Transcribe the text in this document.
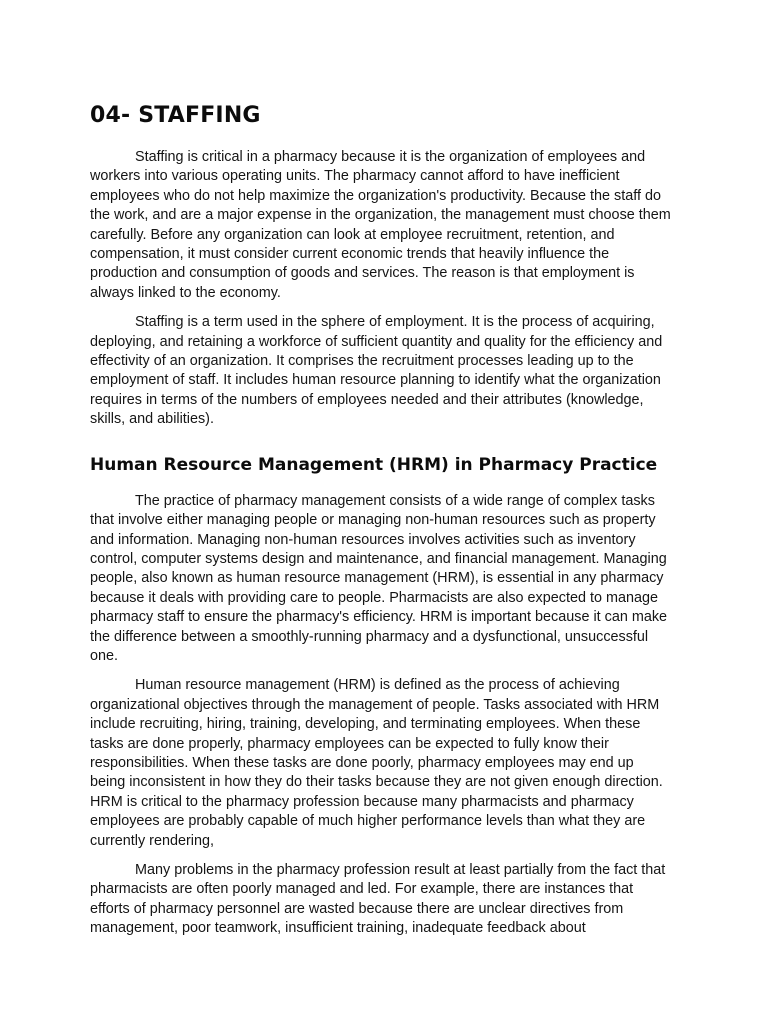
04- STAFFING

Staffing is critical in a pharmacy because it is the organization of employees and workers into various operating units. The pharmacy cannot afford to have inefficient employees who do not help maximize the organization's productivity. Because the staff do the work, and are a major expense in the organization, the management must choose them carefully. Before any organization can look at employee recruitment, retention, and compensation, it must consider current economic trends that heavily influence the production and consumption of goods and services. The reason is that employment is always linked to the economy.

Staffing is a term used in the sphere of employment. It is the process of acquiring, deploying, and retaining a workforce of sufficient quantity and quality for the efficiency and effectivity of an organization. It comprises the recruitment processes leading up to the employment of staff. It includes human resource planning to identify what the organization requires in terms of the numbers of employees needed and their attributes (knowledge, skills, and abilities).

Human Resource Management (HRM) in Pharmacy Practice

The practice of pharmacy management consists of a wide range of complex tasks that involve either managing people or managing non-human resources such as property and information. Managing non-human resources involves activities such as inventory control, computer systems design and maintenance, and financial management. Managing people, also known as human resource management (HRM), is essential in any pharmacy because it deals with providing care to people. Pharmacists are also expected to manage pharmacy staff to ensure the pharmacy's efficiency. HRM is important because it can make the difference between a smoothly-running pharmacy and a dysfunctional, unsuccessful one.

Human resource management (HRM) is defined as the process of achieving organizational objectives through the management of people. Tasks associated with HRM include recruiting, hiring, training, developing, and terminating employees. When these tasks are done properly, pharmacy employees can be expected to fully know their responsibilities. When these tasks are done poorly, pharmacy employees may end up being inconsistent in how they do their tasks because they are not given enough direction. HRM is critical to the pharmacy profession because many pharmacists and pharmacy employees are probably capable of much higher performance levels than what they are currently rendering,

Many problems in the pharmacy profession result at least partially from the fact that pharmacists are often poorly managed and led. For example, there are instances that efforts of pharmacy personnel are wasted because there are unclear directives from management, poor teamwork, insufficient training, inadequate feedback about
